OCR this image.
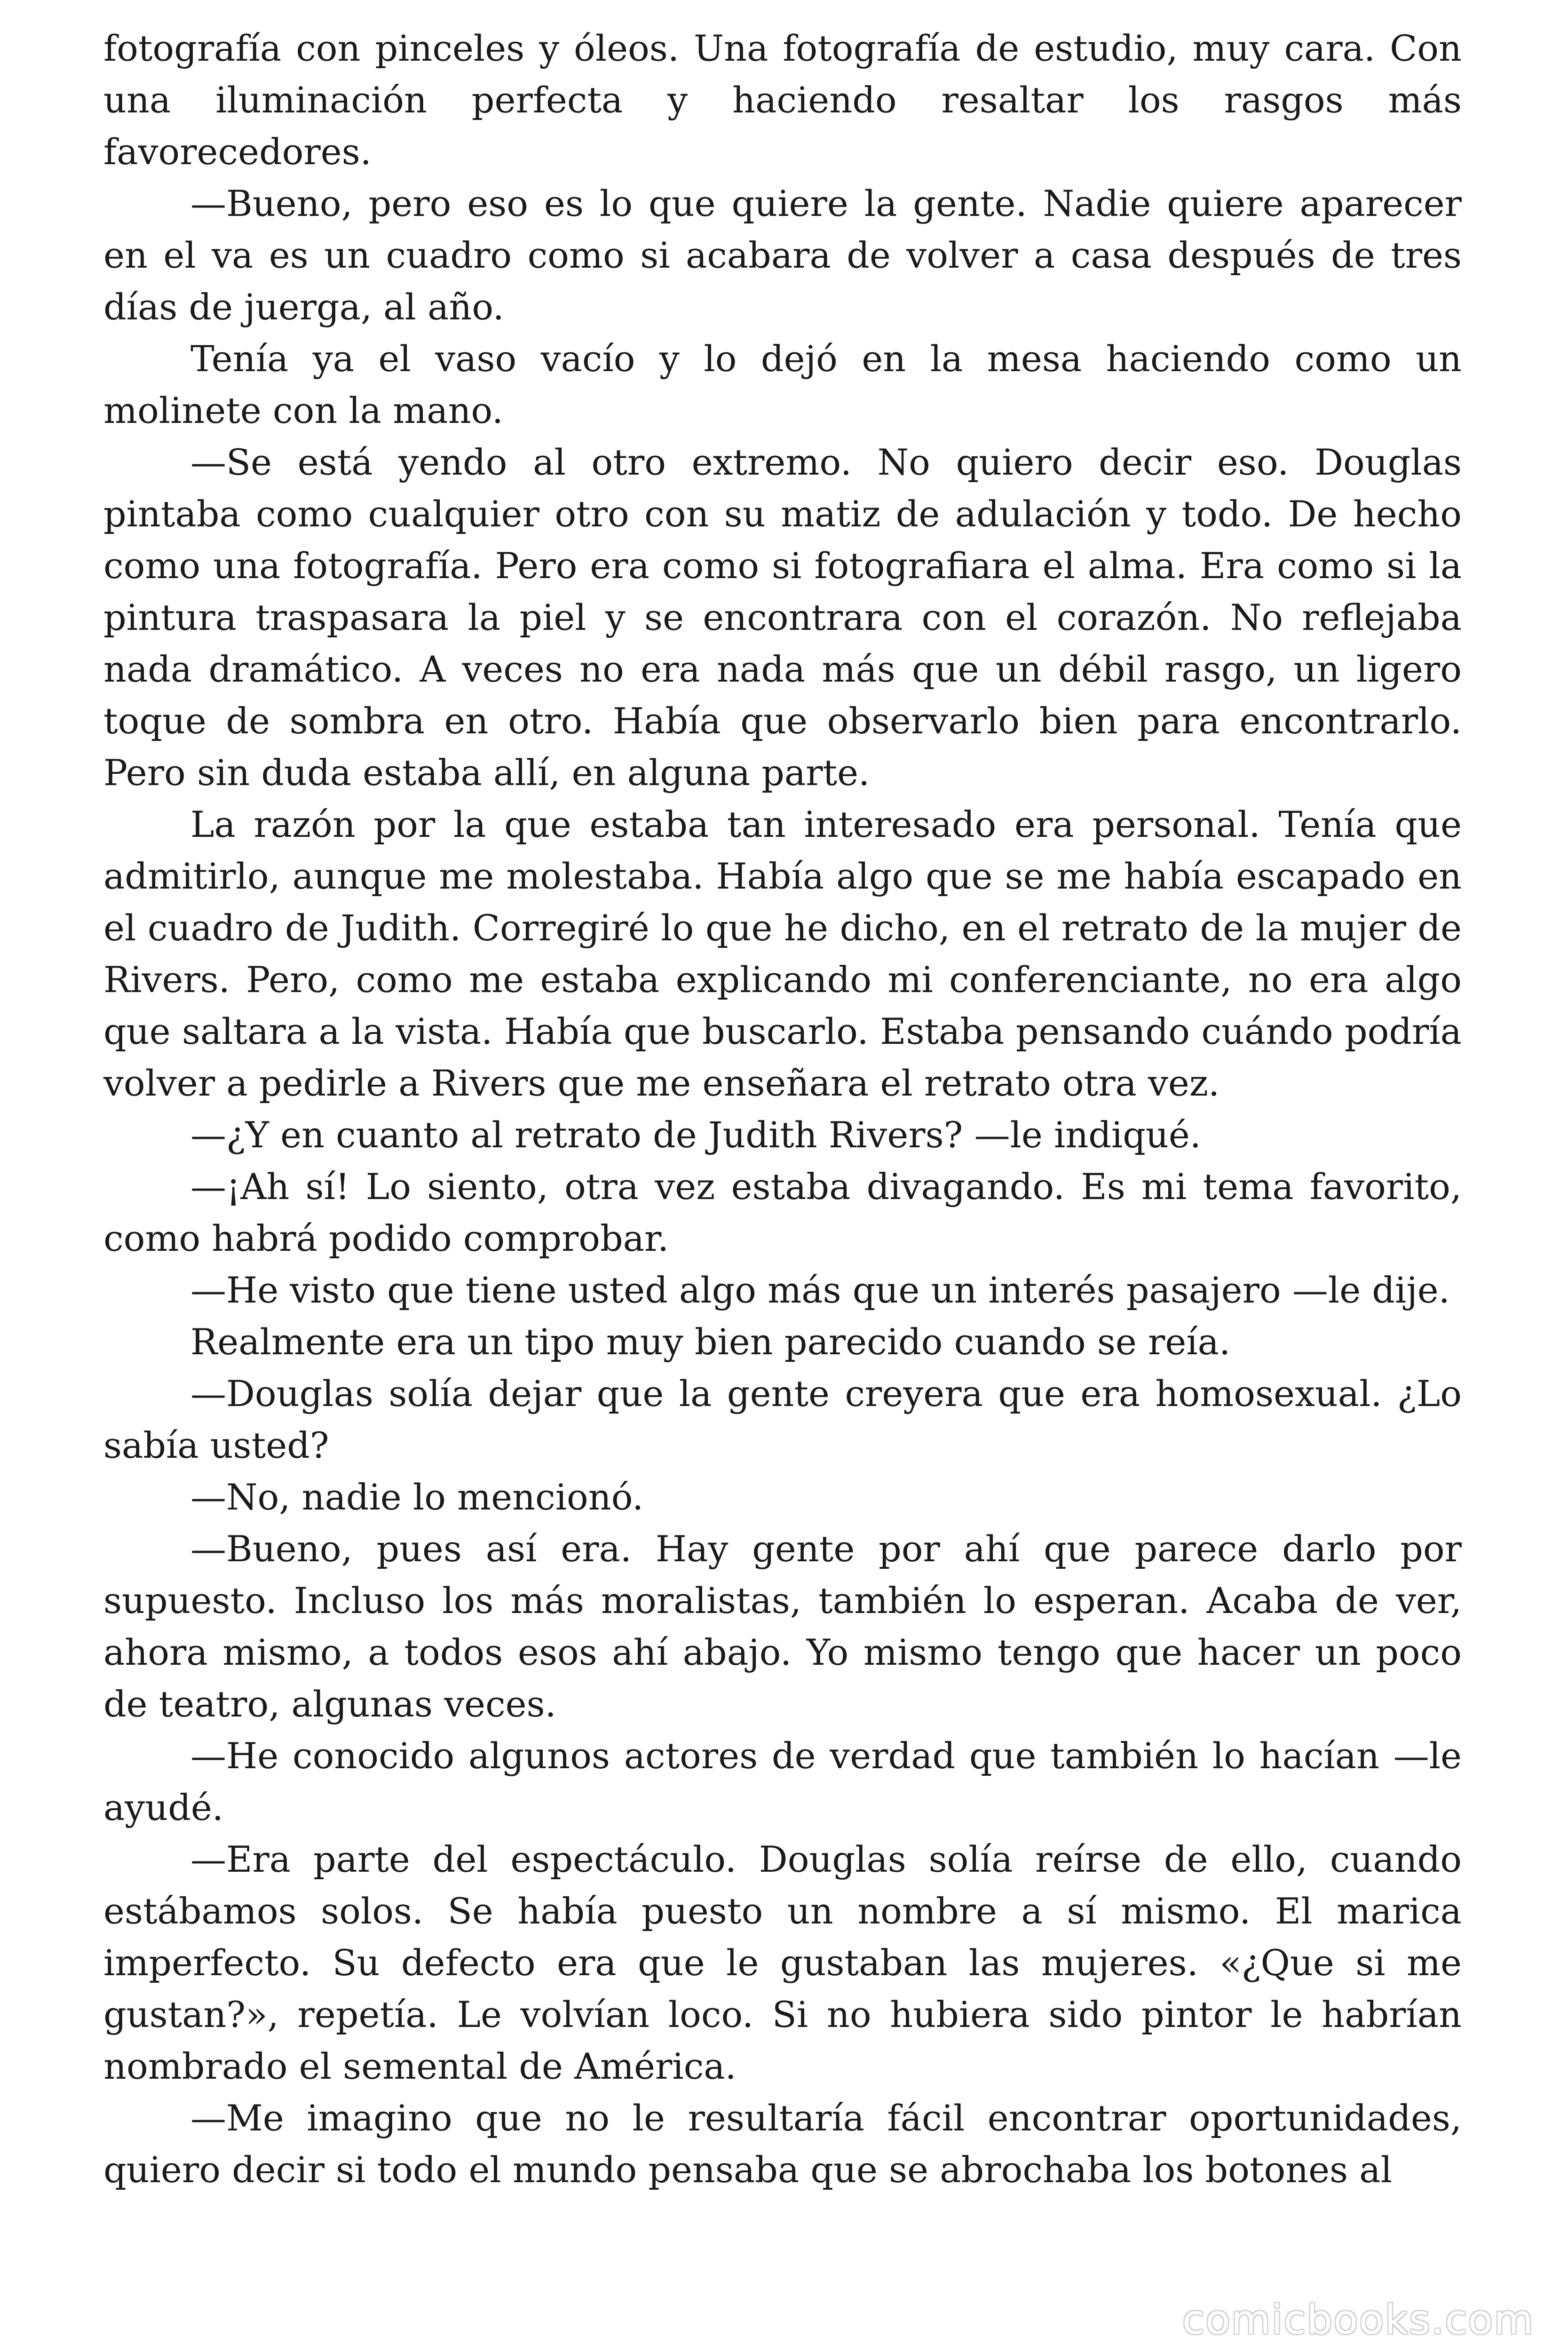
fotografía con pinceles y óleos. Una fotografía de estudio, muy cara. Con una iluminación perfecta y haciendo resaltar los rasgos más favorecedores.

—Bueno, pero eso es lo que quiere la gente. Nadie quiere aparecer en el va es un cuadro como si acabara de volver a casa después de tres días de juerga, al año.

Tenía ya el vaso vacío y lo dejó en la mesa haciendo como un molinete con la mano.

—Se está yendo al otro extremo. No quiero decir eso. Douglas pintaba como cualquier otro con su matiz de adulación y todo. De hecho como una fotografía. Pero era como si fotografiara el alma. Era como si la pintura traspasara la piel y se encontrara con el corazón. No reflejaba nada dramático. A veces no era nada más que un débil rasgo, un ligero toque de sombra en otro. Había que observarlo bien para encontrarlo. Pero sin duda estaba allí, en alguna parte.

La razón por la que estaba tan interesado era personal. Tenía que admitirlo, aunque me molestaba. Había algo que se me había escapado en el cuadro de Judith. Corregiré lo que he dicho, en el retrato de la mujer de Rivers. Pero, como me estaba explicando mi conferenciante, no era algo que saltara a la vista. Había que buscarlo. Estaba pensando cuándo podría volver a pedirle a Rivers que me enseñara el retrato otra vez.

—¿Y en cuanto al retrato de Judith Rivers? —le indiqué.

—¡Ah sí! Lo siento, otra vez estaba divagando. Es mi tema favorito, como habrá podido comprobar.

—He visto que tiene usted algo más que un interés pasajero —le dije.

Realmente era un tipo muy bien parecido cuando se reía.

—Douglas solía dejar que la gente creyera que era homosexual. ¿Lo sabía usted?

—No, nadie lo mencionó.

—Bueno, pues así era. Hay gente por ahí que parece darlo por supuesto. Incluso los más moralistas, también lo esperan. Acaba de ver, ahora mismo, a todos esos ahí abajo. Yo mismo tengo que hacer un poco de teatro, algunas veces.

—He conocido algunos actores de verdad que también lo hacían —le ayudé.

—Era parte del espectáculo. Douglas solía reírse de ello, cuando estábamos solos. Se había puesto un nombre a sí mismo. El marica imperfecto. Su defecto era que le gustaban las mujeres. «¿Que si me gustan?», repetía. Le volvían loco. Si no hubiera sido pintor le habrían nombrado el semental de América.

—Me imagino que no le resultaría fácil encontrar oportunidades, quiero decir si todo el mundo pensaba que se abrochaba los botones al

comicbooks.com
